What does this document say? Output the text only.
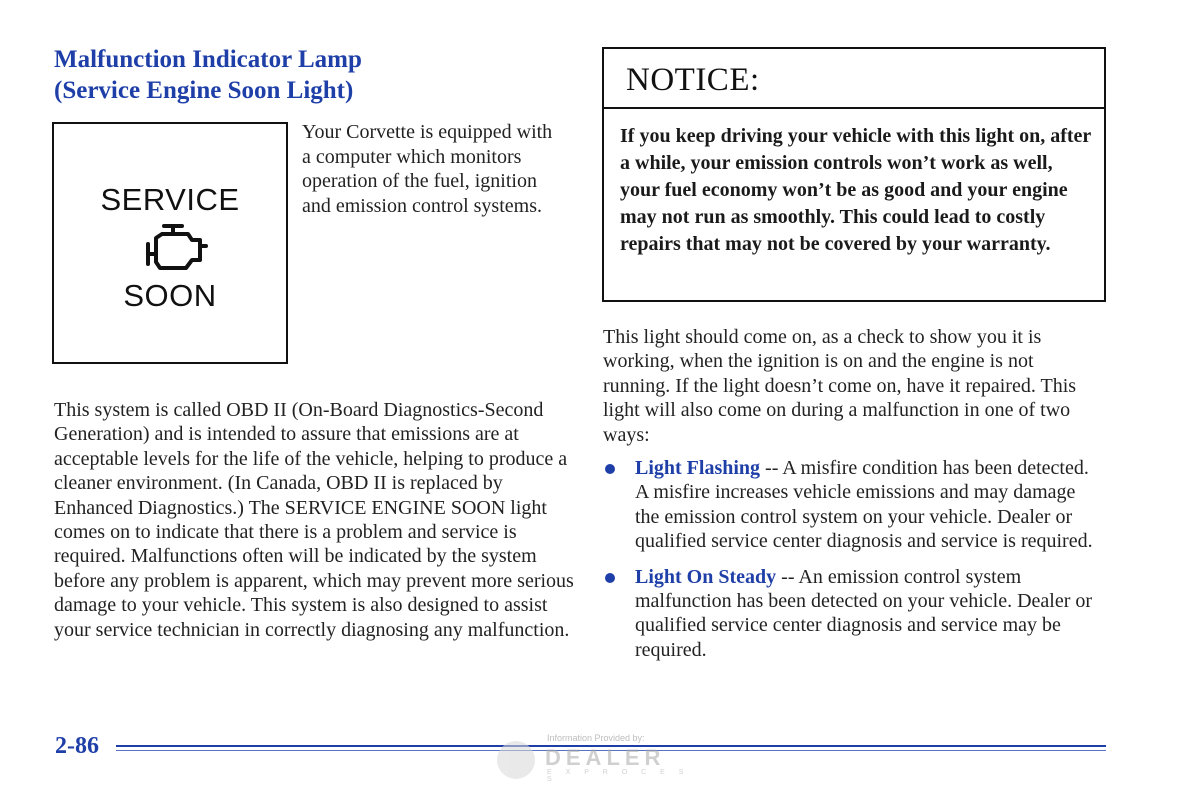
Malfunction Indicator Lamp
(Service Engine Soon Light)
SERVICE
SOON
Your Corvette is equipped with a computer which monitors operation of the fuel, ignition and emission control systems.
This system is called OBD II (On-Board Diagnostics-Second Generation) and is intended to assure that emissions are at acceptable levels for the life of the vehicle, helping to produce a cleaner environment. (In Canada, OBD II is replaced by Enhanced Diagnostics.) The SERVICE ENGINE SOON light comes on to indicate that there is a problem and service is required. Malfunctions often will be indicated by the system before any problem is apparent, which may prevent more serious damage to your vehicle. This system is also designed to assist your service technician in correctly diagnosing any malfunction.
NOTICE:
If you keep driving your vehicle with this light on, after a while, your emission controls won’t work as well, your fuel economy won’t be as good and your engine may not run as smoothly. This could lead to costly repairs that may not be covered by your warranty.
This light should come on, as a check to show you it is working, when the ignition is on and the engine is not running. If the light doesn’t come on, have it repaired. This light will also come on during a malfunction in one of two ways:
Light Flashing -- A misfire condition has been detected. A misfire increases vehicle emissions and may damage the emission control system on your vehicle. Dealer or qualified service center diagnosis and service is required.
Light On Steady -- An emission control system malfunction has been detected on your vehicle. Dealer or qualified service center diagnosis and service may be required.
2-86	Information Provided by:
DEALER
E X P R O C E S S
